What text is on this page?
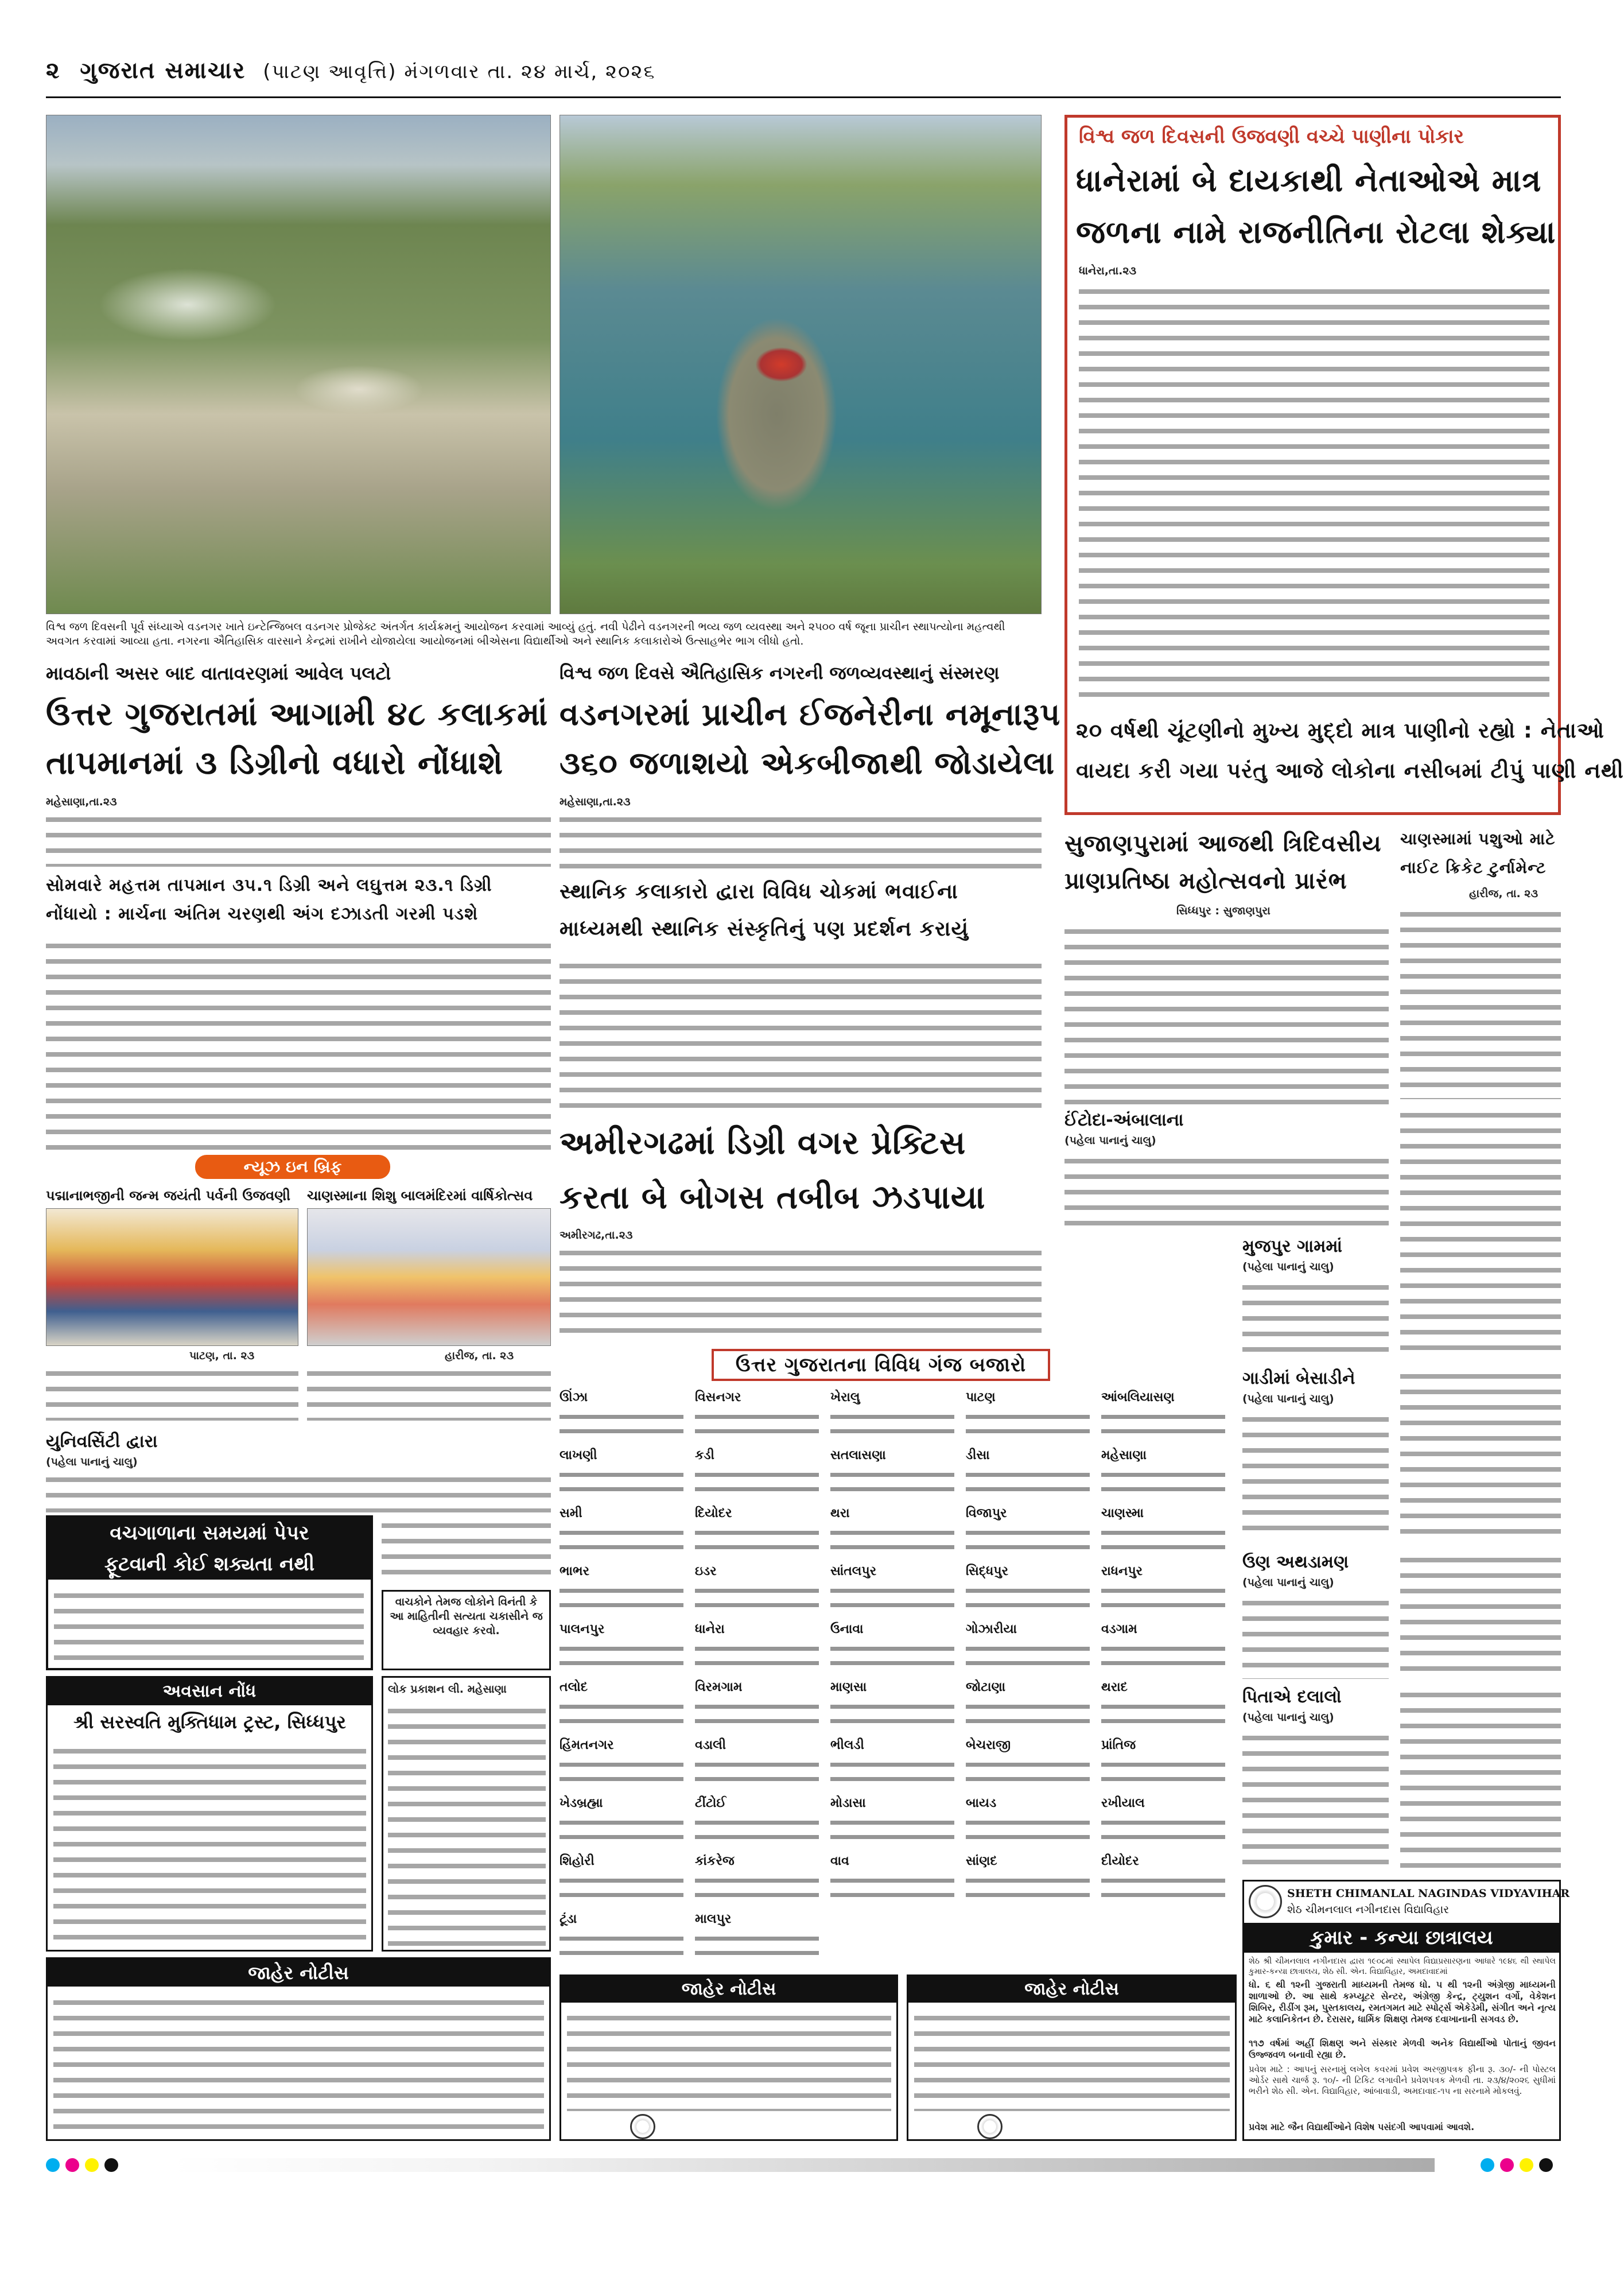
૨ ગુજરાત સમાચાર (પાટણ આવૃત્તિ) મંગળવાર તા. ૨૪ માર્ચ, ૨૦૨૬
વિશ્વ જળ દિવસની પૂર્વ સંધ્યાએ વડનગર ખાતે ઇન્ટેન્જિબલ વડનગર પ્રોજેક્ટ અંતર્ગત કાર્યક્રમનું આયોજન કરવામાં આવ્યું હતું. નવી પેઢીને વડનગરની ભવ્ય જળ વ્યવસ્થા અને ૨૫૦૦ વર્ષ જૂના પ્રાચીન સ્થાપત્યોના મહત્વથી અવગત કરવામાં આવ્યા હતા. નગરના ઐતિહાસિક વારસાને કેન્દ્રમાં રાખીને યોજાયેલા આયોજનમાં બીએસના વિદ્યાર્થીઓ અને સ્થાનિક કલાકારોએ ઉત્સાહભેર ભાગ લીધો હતો.
વિશ્વ જળ દિવસની ઉજવણી વચ્ચે પાણીના પોકાર
ધાનેરામાં બે દાયકાથી નેતાઓએ માત્ર
જળના નામે રાજનીતિના રોટલા શેક્યા
ધાનેરા,તા.૨૩
૨૦ વર્ષથી ચૂંટણીનો મુખ્ય મુદ્દો માત્ર પાણીનો રહ્યો : નેતાઓ
વાયદા કરી ગયા પરંતુ આજે લોકોના નસીબમાં ટીપું પાણી નથી
માવઠાની અસર બાદ વાતાવરણમાં આવેલ પલટો
ઉત્તર ગુજરાતમાં આગામી ૪૮ કલાકમાં
તાપમાનમાં ૩ ડિગ્રીનો વધારો નોંધાશે
મહેસાણા,તા.૨૩
સોમવારે મહત્તમ તાપમાન ૩૫.૧ ડિગ્રી અને લઘુત્તમ ૨૩.૧ ડિગ્રી
નોંધાયો : માર્ચના અંતિમ ચરણથી અંગ દઝાડતી ગરમી પડશે
ન્યૂઝ ઇન બ્રિફ
વિશ્વ જળ દિવસે ઐતિહાસિક નગરની જળવ્યવસ્થાનું સંસ્મરણ
વડનગરમાં પ્રાચીન ઈજનેરીના નમૂનારૂપ
૩૬૦ જળાશયો એકબીજાથી જોડાયેલા
મહેસાણા,તા.૨૩
સ્થાનિક કલાકારો દ્વારા વિવિધ ચોકમાં ભવાઈના
માધ્યમથી સ્થાનિક સંસ્કૃતિનું પણ પ્રદર્શન કરાયું
અમીરગઢમાં ડિગ્રી વગર પ્રેક્ટિસ
કરતા બે બોગસ તબીબ ઝડપાયા
અમીરગઢ,તા.૨૩
સુજાણપુરામાં આજથી ત્રિદિવસીય
પ્રાણપ્રતિષ્ઠા મહોત્સવનો પ્રારંભ
સિધ્ધપુર : સુજાણપુરા
ચાણસ્મામાં પશુઓ માટે
નાઈટ ક્રિકેટ ટુર્નામેન્ટ
હારીજ, તા. ૨૩
ઈંટોદા-અંબાલાના
(પહેલા પાનાનું ચાલુ)
મુજપુર ગામમાં
(પહેલા પાનાનું ચાલુ)
ગાડીમાં બેસાડીને
(પહેલા પાનાનું ચાલુ)
ઉણ અથડામણ
(પહેલા પાનાનું ચાલુ)
પિતાએ દલાલો
(પહેલા પાનાનું ચાલુ)
પદ્માનાભજીની જન્મ જયંતી પર્વની ઉજવણી
પાટણ, તા. ૨૩
ચાણસ્માના શિશુ બાલમંદિરમાં વાર્ષિકોત્સવ
હારીજ, તા. ૨૩
યુનિવર્સિટી દ્વારા
(પહેલા પાનાનું ચાલુ)
વચગાળાના સમયમાં પેપર
ફૂટવાની કોઈ શક્યતા નથી
વાચકોને તેમજ લોકોને વિનંતી કે આ માહિતીની સત્યતા ચકાસીને જ વ્યવહાર કરવો.
અવસાન નોંધ
શ્રી સરસ્વતિ મુક્તિધામ ટ્રસ્ટ, સિધ્ધપુર
લોક પ્રકાશન લી. મહેસાણા
જાહેર નોટીસ
ઉત્તર ગુજરાતના વિવિધ ગંજ બજારો
ઊંઝા	વિસનગર	ખેરાલુ	પાટણ	આંબલિયાસણ
લાખણી	કડી	સતલાસણા	ડીસા	મહેસાણા
સમી	દિયોદર	થરા	વિજાપુર	ચાણસ્મા
ભાભર	ઇડર	સાંતલપુર	સિદ્ધપુર	રાધનપુર
પાલનપુર	ધાનેરા	ઉનાવા	ગોઝારીયા	વડગામ
તલોદ	વિરમગામ	માણસા	જોટાણા	થરાદ
હિંમતનગર	વડાલી	ભીલડી	બેચરાજી	પ્રાંતિજ
ખેડબ્રહ્મા	ટીંટોઈ	મોડાસા	બાયડ	રખીયાલ
શિહોરી	કાંકરેજ	વાવ	સાંણદ	દીયોદર
ટૂંડા	માલપુર
જાહેર નોટીસ	જાહેર નોટીસ
SHETH CHIMANLAL NAGINDAS VIDYAVIHAR
શેઠ ચીમનલાલ નગીનદાસ વિદ્યાવિહાર
કુમાર - કન્યા છાત્રાલય
શેઠ શ્રી ચીમનલાલ નગીનદાસ દ્વારા ૧૯૦૮માં સ્થાપેલ વિદ્યાપ્રસારણના આધારે ૧૯૪૬ થી સ્થાપેલ કુમાર-કન્યા છાત્રાલય, શેઠ સી. એન. વિદ્યાવિહાર, અમદાવાદમાં
ધો. ૬ થી ૧૨ની ગુજરાતી માધ્યમની તેમજ ધો. ૫ થી ૧૨ની અંગ્રેજી માધ્યમની શાળાઓ છે. આ સાથે કમ્પ્યૂટર સેન્ટર, અંગ્રેજી કેન્દ્ર, ટ્યુશન વર્ગો, વેકેશન શિબિર, રીડીંગ રૂમ, પુસ્તકાલય, રમતગમત માટે સ્પોર્ટ્સ એકેડેમી, સંગીત અને નૃત્ય માટે કલાનિકેતન છે. દેરાસર, ધાર્મિક શિક્ષણ તેમજ દવાખાનાની સગવડ છે.
૧૧૭ વર્ષમાં અહીં શિક્ષણ અને સંસ્કાર મેળવી અનેક વિદ્યાર્થીઓ પોતાનું જીવન ઉજ્જવળ બનાવી રહ્યા છે.
પ્રવેશ માટે : આપનું સરનામું લખેલ કવરમાં પ્રવેશ અરજીપત્રક ફીના રૂ. ૩૦/- ની પોસ્ટલ ઓર્ડર સાથે ચાર્જ રૂ. ૧૦/- ની ટિકિટ લગાવીને પ્રવેશપત્રક મેળવી તા. ૨૩/૪/૨૦૨૬ સુધીમાં ભરીને શેઠ સી. એન. વિદ્યાવિહાર, આંબાવાડી, અમદાવાદ-૧૫ ના સરનામે મોકલવું.
પ્રવેશ માટે જૈન વિદ્યાર્થીઓને વિશેષ પસંદગી આપવામાં આવશે.
